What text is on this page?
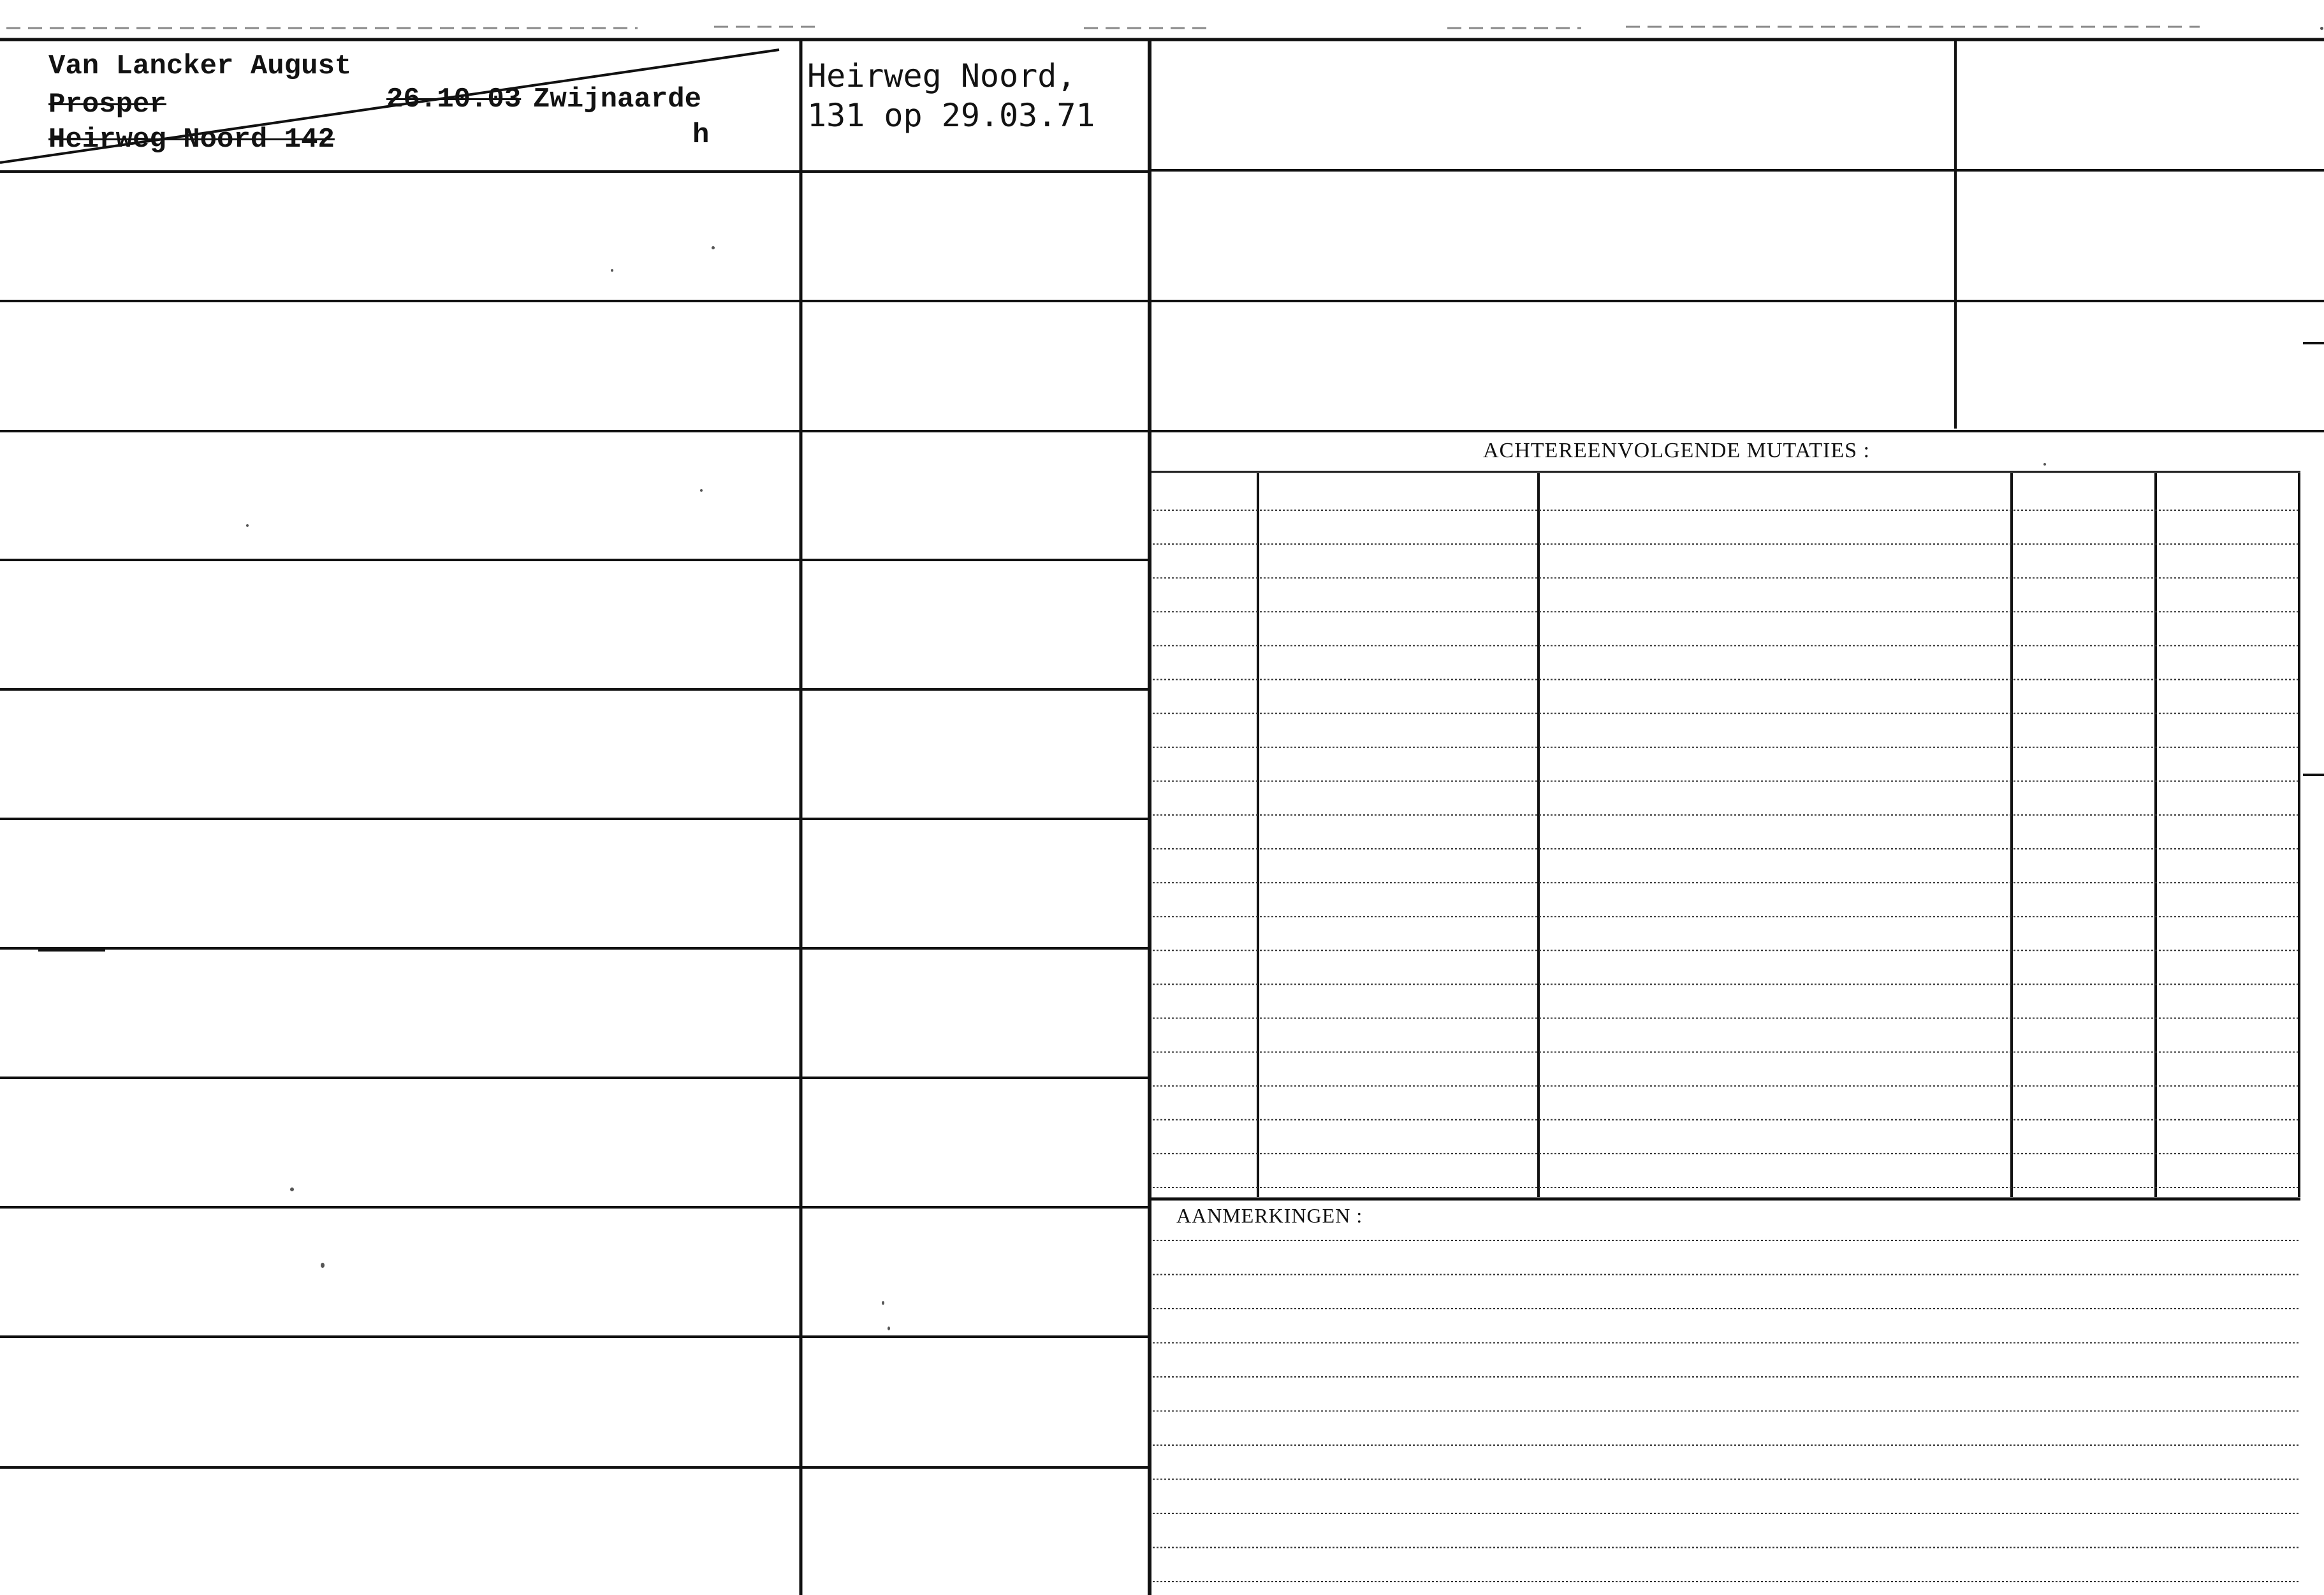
Van Lancker August
Prosper
Heirweg Noord 142
26.10.03 Zwijnaarde
h
Heirweg Noord,
131 op 29.03.71
ACHTEREENVOLGENDE MUTATIES :
AANMERKINGEN :
